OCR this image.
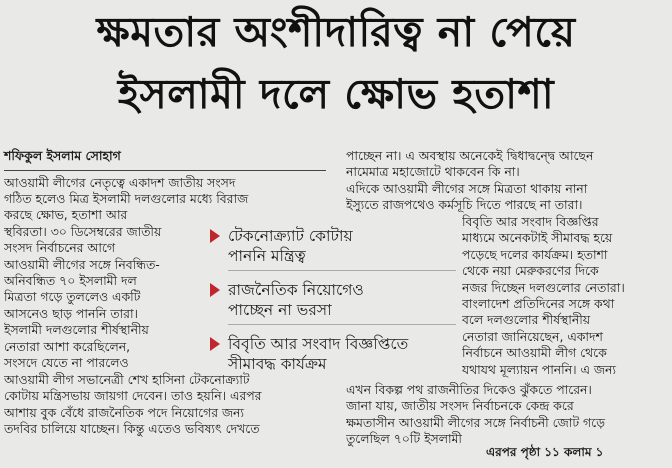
ক্ষমতার অংশীদারিত্ব না পেয়ে
ইসলামী দলে ক্ষোভ হতাশা
শফিকুল ইসলাম সোহাগ
আওয়ামী লীগের নেতৃত্বে একাদশ জাতীয় সংসদ
গঠিত হলেও মিত্র ইসলামী দলগুলোর মধ্যে বিরাজ
করছে ক্ষোভ, হতাশা আর
স্থবিরতা। ৩০ ডিসেম্বরের জাতীয়
সংসদ নির্বাচনের আগে
আওয়ামী লীগের সঙ্গে নিবন্ধিত-
অনিবন্ধিত ৭০ ইসলামী দল
মিত্রতা গড়ে তুললেও একটি
আসনেও ছাড় পাননি তারা।
ইসলামী দলগুলোর শীর্ষস্থানীয়
নেতারা আশা করেছিলেন,
সংসদে যেতে না পারলেও
আওয়ামী লীগ সভানেত্রী শেখ হাসিনা টেকনোক্র্যাট
কোটায় মন্ত্রিসভায় জায়গা দেবেন। তাও হয়নি। এরপর
আশায় বুক বেঁধে রাজনৈতিক পদে নিয়োগের জন্য
তদবির চালিয়ে যাচ্ছেন। কিন্তু এতেও ভবিষ্যৎ দেখতে
টেকনোক্র্যাট কোটায়
পাননি মন্ত্রিত্ব
রাজনৈতিক নিয়োগেও
পাচ্ছেন না ভরসা
বিবৃতি আর সংবাদ বিজ্ঞপ্তিতে
সীমাবদ্ধ কার্যক্রম
পাচ্ছেন না। এ অবস্থায় অনেকেই দ্বিধাদ্বন্দ্বে আছেন
নামেমাত্র মহাজোটে থাকবেন কি না।
এদিকে আওয়ামী লীগের সঙ্গে মিত্রতা থাকায় নানা
ইস্যুতে রাজপথেও কর্মসূচি দিতে পারছে না তারা।
বিবৃতি আর সংবাদ বিজ্ঞপ্তির
মাধ্যমে অনেকটাই সীমাবদ্ধ হয়ে
পড়েছে দলের কার্যক্রম। হতাশা
থেকে নয়া মেরুকরণের দিকে
নজর দিচ্ছেন দলগুলোর নেতারা।
বাংলাদেশ প্রতিদিনের সঙ্গে কথা
বলে দলগুলোর শীর্ষস্থানীয়
নেতারা জানিয়েছেন, একাদশ
নির্বাচনে আওয়ামী লীগ থেকে
যথাযথ মূল্যায়ন পাননি। এ জন্য
এখন বিকল্প পথ রাজনীতির দিকেও ঝুঁকতে পারেন।
জানা যায়, জাতীয় সংসদ নির্বাচনকে কেন্দ্র করে
ক্ষমতাসীন আওয়ামী লীগের সঙ্গে নির্বাচনী জোট গড়ে
তুলেছিল ৭০টি ইসলামী
এরপর পৃষ্ঠা ১১ কলাম ১
